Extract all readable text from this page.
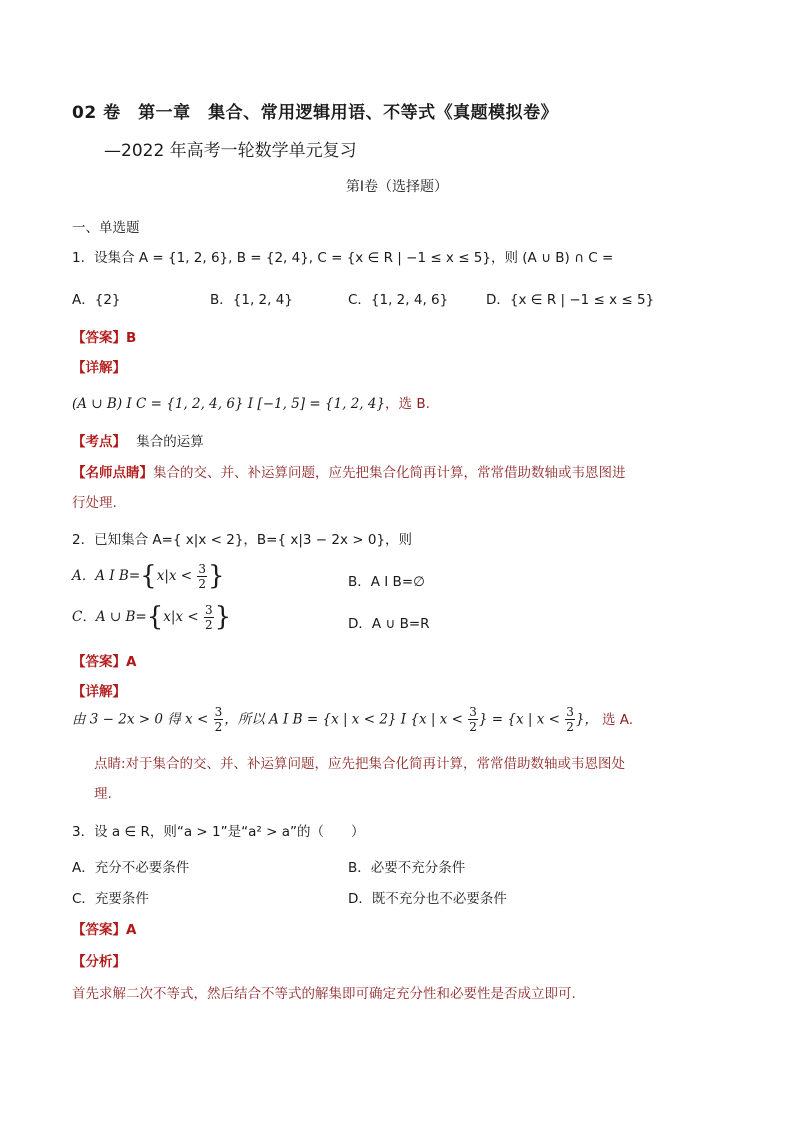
02 卷　第一章　集合、常用逻辑用语、不等式《真题模拟卷》
—2022 年高考一轮数学单元复习
第Ⅰ卷（选择题）
一、单选题
1．设集合 A = {1, 2, 6}, B = {2, 4}, C = {x ∈ R | −1 ≤ x ≤ 5}，则 (A ∪ B) ∩ C =
A．{2}	B．{1, 2, 4}	C．{1, 2, 4, 6}	D．{x ∈ R | −1 ≤ x ≤ 5}
【答案】B
【详解】
(A ∪ B) I C = {1, 2, 4, 6} I [−1, 5] = {1, 2, 4}，选 B.
【考点】 集合的运算
【名师点睛】集合的交、并、补运算问题，应先把集合化简再计算，常常借助数轴或韦恩图进
行处理.
2．已知集合 A={ x|x < 2}，B={ x|3 − 2x > 0}，则
A．A I $B=\{x|x < \frac{3}{2}$ }	B．A I B=∅
C．A ∪ $B=\{x|x < \frac{3}{2}$ }	D．A ∪ B=R
【答案】A
【详解】
由 3 − 2x > 0 得 $x < \frac{3}{2}$ ，所以 A I B = {x | x < 2} I {x | $x < \frac{3}{2}$ } = {x | $x < \frac{3}{2}$ }， 选 A.
点睛:对于集合的交、并、补运算问题，应先把集合化简再计算，常常借助数轴或韦恩图处
理.
3．设 a ∈ R，则“a > 1”是“a² > a”的（　　）
A．充分不必要条件	B．必要不充分条件
C．充要条件	D．既不充分也不必要条件
【答案】A
【分析】
首先求解二次不等式，然后结合不等式的解集即可确定充分性和必要性是否成立即可.
